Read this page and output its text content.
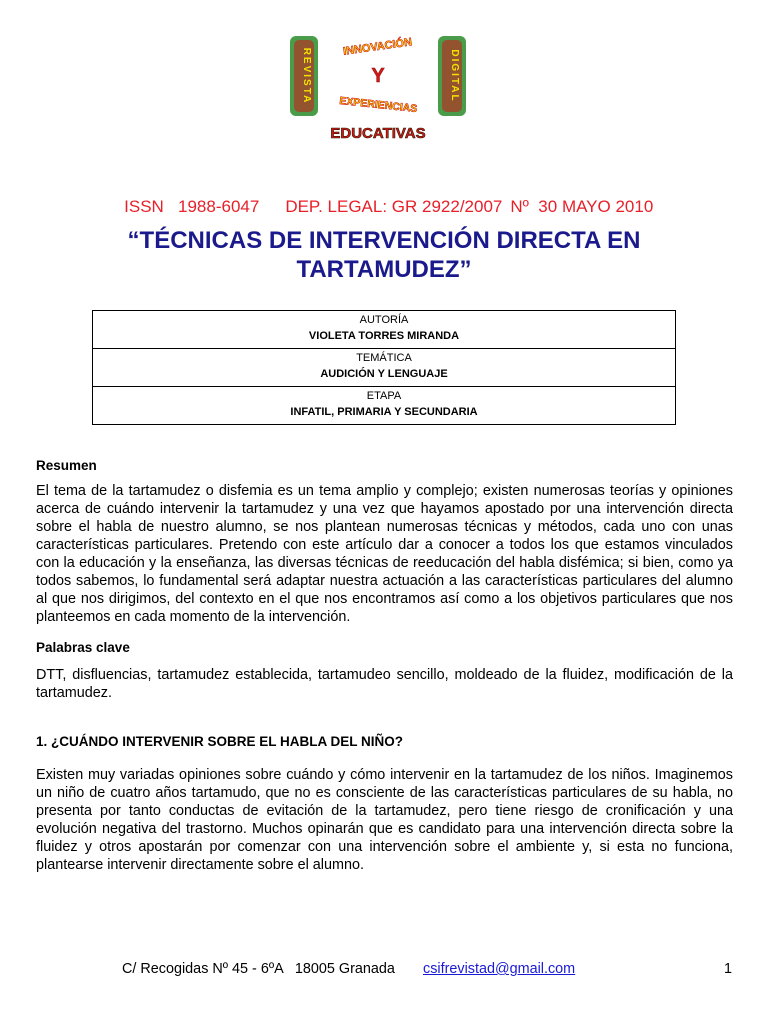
REVISTA	DIGITAL
INNOVACIÓN
Y
EXPERIENCIAS
EDUCATIVAS

ISSN   1988-6047 DEP. LEGAL: GR 2922/2007 Nº  30 MAYO 2010

“TÉCNICAS DE INTERVENCIÓN DIRECTA EN
TARTAMUDEZ”
AUTORÍA
VIOLETA TORRES MIRANDA

TEMÁTICA
AUDICIÓN Y LENGUAJE

ETAPA
INFATIL, PRIMARIA Y SECUNDARIA
Resumen
El tema de la tartamudez o disfemia es un tema amplio y complejo; existen numerosas teorías y opiniones acerca de cuándo intervenir la tartamudez y una vez que hayamos apostado por una intervención directa sobre el habla de nuestro alumno, se nos plantean numerosas técnicas y métodos, cada uno con unas características particulares. Pretendo con este artículo dar a conocer a todos los que estamos vinculados con la educación y la enseñanza, las diversas técnicas de reeducación del habla disfémica; si bien, como ya todos sabemos, lo fundamental será adaptar nuestra actuación a las características particulares del alumno al que nos dirigimos, del contexto en el que nos encontramos así como a los objetivos particulares que nos planteemos en cada momento de la intervención.
Palabras clave
DTT, disfluencias, tartamudez establecida, tartamudeo sencillo, moldeado de la fluidez, modificación de la tartamudez.
1. ¿CUÁNDO INTERVENIR SOBRE EL HABLA DEL NIÑO?
Existen muy variadas opiniones sobre cuándo y cómo intervenir en la tartamudez de los niños. Imaginemos un niño de cuatro años tartamudo, que no es consciente de las características particulares de su habla, no presenta por tanto conductas de evitación de la tartamudez, pero tiene riesgo de cronificación y una evolución negativa del trastorno. Muchos opinarán que es candidato para una intervención directa sobre la fluidez y otros apostarán por comenzar con una intervención sobre el ambiente y, si esta no funciona, plantearse intervenir directamente sobre el alumno.
C/ Recogidas Nº 45 - 6ºA   18005 Granada csifrevistad@gmail.com	1
